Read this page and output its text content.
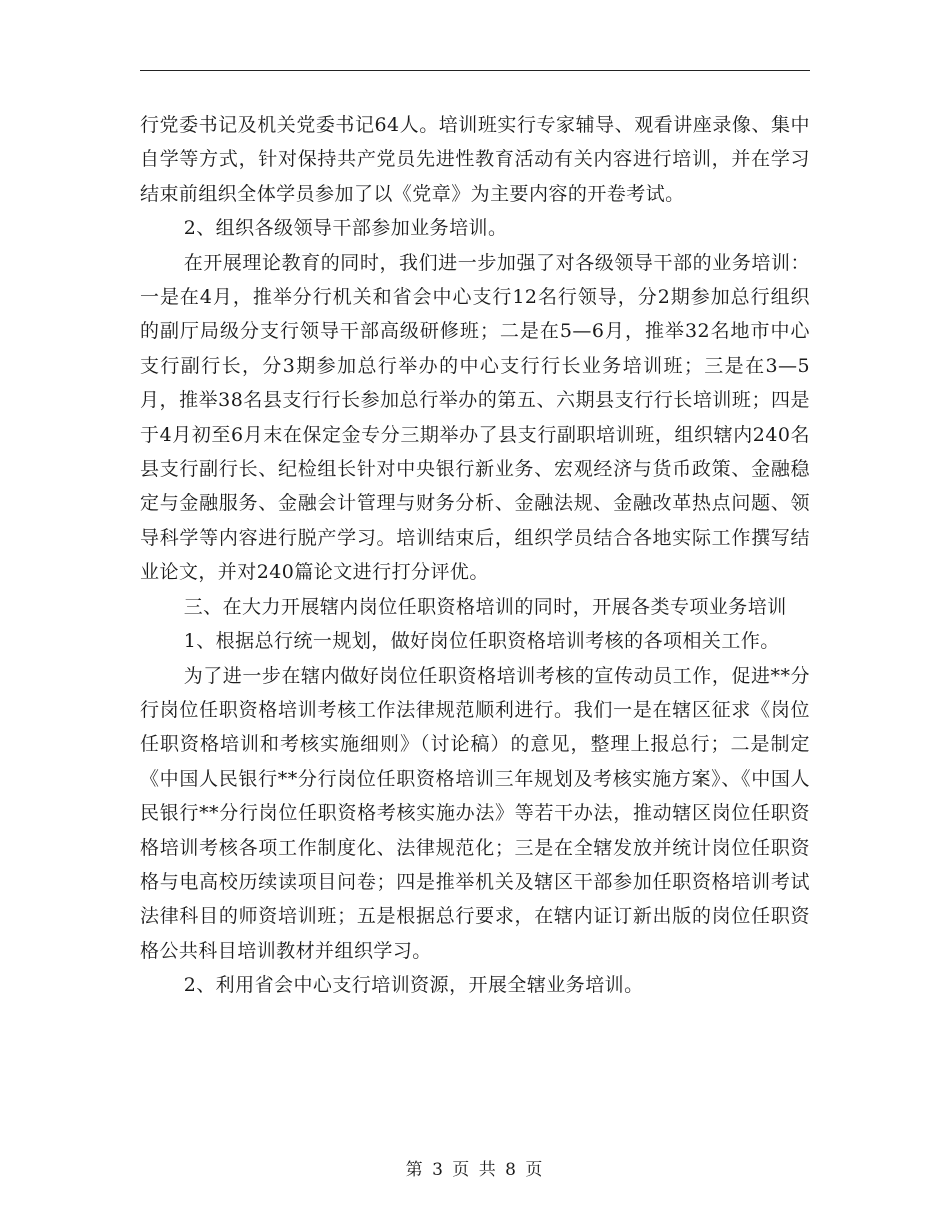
行党委书记及机关党委书记64人。培训班实行专家辅导、观看讲座录像、集中自学等方式，针对保持共产党员先进性教育活动有关内容进行培训，并在学习结束前组织全体学员参加了以《党章》为主要内容的开卷考试。

2、组织各级领导干部参加业务培训。

在开展理论教育的同时，我们进一步加强了对各级领导干部的业务培训：一是在4月，推举分行机关和省会中心支行12名行领导，分2期参加总行组织的副厅局级分支行领导干部高级研修班；二是在5—6月，推举32名地市中心支行副行长，分3期参加总行举办的中心支行行长业务培训班；三是在3—5月，推举38名县支行行长参加总行举办的第五、六期县支行行长培训班；四是于4月初至6月末在保定金专分三期举办了县支行副职培训班，组织辖内240名县支行副行长、纪检组长针对中央银行新业务、宏观经济与货币政策、金融稳定与金融服务、金融会计管理与财务分析、金融法规、金融改革热点问题、领导科学等内容进行脱产学习。培训结束后，组织学员结合各地实际工作撰写结业论文，并对240篇论文进行打分评优。

三、在大力开展辖内岗位任职资格培训的同时，开展各类专项业务培训

1、根据总行统一规划，做好岗位任职资格培训考核的各项相关工作。

为了进一步在辖内做好岗位任职资格培训考核的宣传动员工作，促进**分行岗位任职资格培训考核工作法律规范顺利进行。我们一是在辖区征求《岗位任职资格培训和考核实施细则》（讨论稿）的意见，整理上报总行；二是制定《中国人民银行**分行岗位任职资格培训三年规划及考核实施方案》、《中国人民银行**分行岗位任职资格考核实施办法》等若干办法，推动辖区岗位任职资格培训考核各项工作制度化、法律规范化；三是在全辖发放并统计岗位任职资格与电高校历续读项目问卷；四是推举机关及辖区干部参加任职资格培训考试法律科目的师资培训班；五是根据总行要求，在辖内证订新出版的岗位任职资格公共科目培训教材并组织学习。

2、利用省会中心支行培训资源，开展全辖业务培训。

第 3 页 共 8 页
